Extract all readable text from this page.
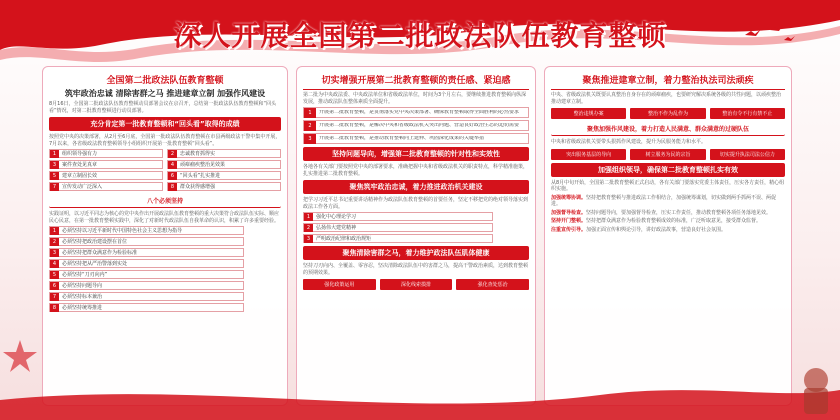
深人开展全国第二批政法队伍教育整顿
全国第二批政法队伍教育整顿
筑牢政治忠诚 清除害群之马 推进建章立制 加强作风建设
8月16日，全国第二批政法队伍教育整顿动员部署会议在京召开，总结第一批政法队伍教育整顿和“回头看”情况，对第二批教育整顿进行动员部署。
充分肯定第一批教育整顿和“回头看”取得的成绩
按照党中央的决策部署，从2月至6月底，全国第一批政法队伍教育整顿在市县两级政法干警中集中开展，7月以来，各省级政法教育整顿领导小组组织开展第一批教育整顿“回头看”。
1	组织领导强有力	2	忠诚教育抓得实
3	案件查处见真章	4	顽瘴痼疾整治见效果
5	建章立制固长效	6	“回头看”扎实推进
7	宣传发动广泛深入	8	群众获得感增强
八个必须坚持
实践证明，以习近平同志为核心的党中央作出开展政法队伍教育整顿的重大决策符合政法队伍实际、顺应民心民意，在第一批教育整顿实践中，深化了对新时代政法队伍自我革命的认识，积累了许多重要经验。
1	必须坚持以习近平新时代中国特色社会主义思想为指导
2	必须坚持把政治建设摆在首位
3	必须坚持把群众满意作为检验标准
4	必须坚持把从严治警落到实处
5	必须坚持“刀刃向内”
6	必须坚持问题导向
7	必须坚持标本兼治
8	必须坚持统筹推进
切实增强开展第二批教育整顿的责任感、紧迫感
第二批为中央政法委、中央政法单位和省级政法单位，时间为3个月左右，要继续推进教育整顿向纵深发展，推动政法队伍整体素质全面提升。
1	开展第二批教育整顿，是贯彻落实党中央决策部署、确保教育整顿取得全面胜利的必然要求
2	开展第二批教育整顿，是解决中央和省级政法机关突出问题、营造良好政治生态的迫切需要
3	开展第二批教育整顿，是推动教育整顿向上延伸、巩固深化成果的关键举措
坚持问题导向，增强第二批教育整顿的针对性和实效性
各地各有关部门要按照党中央的部署要求，准确把握中央和省级政法机关的职责特点，科学精准施策，扎实推进第二批教育整顿。
聚焦筑牢政治忠诚，着力推进政治机关建设
把学习习近平总书记重要讲话精神作为政法队伍教育整顿的首要任务，坚定不移把党的绝对领导落实到政法工作各方面。
1	强化中心理论学习
2	弘扬伟大建党精神
3	严明政治纪律和政治规矩
聚焦清除害群之马，着力维护政法队伍肌体健康
坚持刀刃向内、全覆盖、零容忍，坚决清除政法队伍中的害群之马，提高干警政治素质，达到教育整顿的预期效果。
强化政策运用	深化线索摸排	强化查处惩治
聚焦推进建章立制，着力整治执法司法顽疾
中央、省级政法机关既要认真整治自身存在的顽瘴痼疾，也要研究解决系统各级的共性问题，以顽疾整治推动建章立制。
整治违规办案	整治不作为乱作为	整治有令不行有禁不止
聚焦加强作风建设，着力打造人民满意、群众满意的过硬队伍
中央和省级政法机关要带头狠抓作风建设，提升为民服务能力和水平。
突出服务基层的导向	树立服务为民的宗旨	切实提升执法司法公信力
加强组织领导，确保第二批教育整顿扎实有效
从8月中旬开始，全国第二批教育整顿正式启动，各有关部门要落实党委主体责任，压实各方责任，精心组织实施。
加强统筹协调。坚持把教育整顿与推进政法工作相结合，加强统筹谋划，切实做到两手抓两不误、两促进。
加强督导检查。坚持问题导向，要加强督导检查，压实工作责任，推动教育整顿各项任务落地见效。
坚持开门整顿。坚持把群众满意作为检验教育整顿成效的标准，广泛听取意见，接受群众监督。
注重宣传引导。加强正面宣传和舆论引导，讲好政法故事，营造良好社会氛围。
